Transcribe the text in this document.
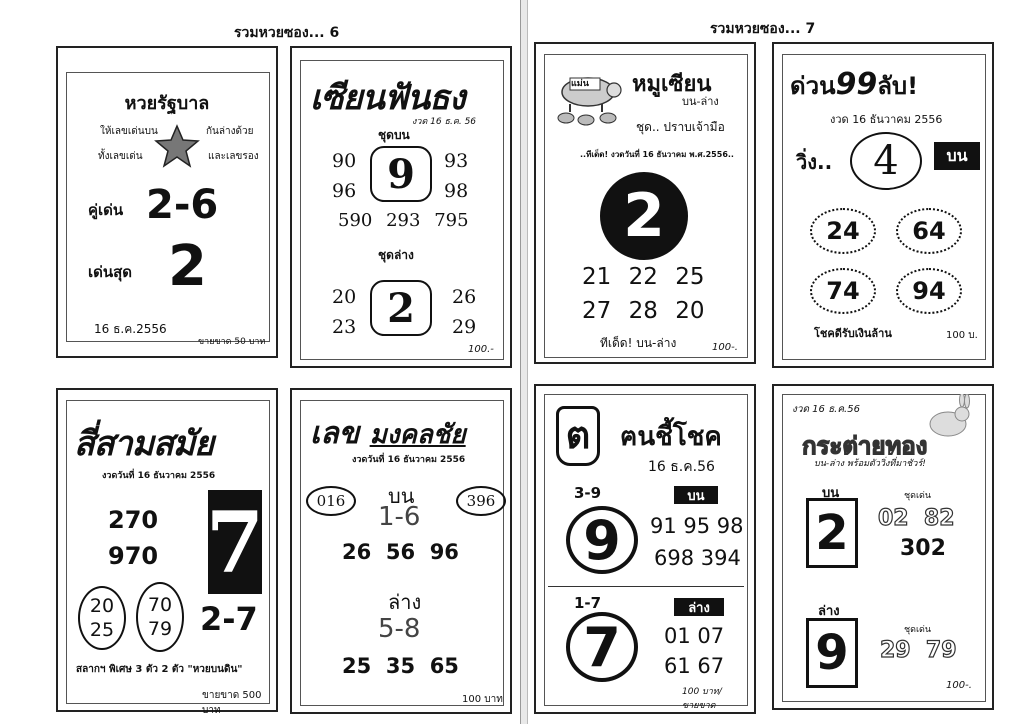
รวมหวยซอง... 6	รวมหวยซอง... 7
หวยรัฐบาล
ให้เลขเด่นบน	กันล่างด้วย
ทั้งเลขเด่น	และเลขรอง
คู่เด่น 2-6
เด่นสุด 2
16 ธ.ค.2556
ขายขาด 50 บาท
เซียนฟันธง
งวด 16 ธ.ค. 56
ชุดบน
90
96 9	93
98
590 293 795
ชุดล่าง
20
23 2	26
29
100.-
แม่น หมูเซียน
บน-ล่าง
ชุด.. ปราบเจ้ามือ
..ทีเด็ด! งวดวันที่ 16 ธันวาคม พ.ศ.2556..
2
21 22 25
27 28 20
ทีเด็ด! บน-ล่าง	100-.
ด่วน99ลับ!
งวด 16 ธันวาคม 2556
วิ่ง..	4	บน
24	64
74	94
โชคดีรับเงินล้าน	100 บ.
สี่สามสมัย
งวดวันที่ 16 ธันวาคม 2556
270
970 7
20
25
70
79 2-7
สลากฯ พิเศษ 3 ตัว 2 ตัว "หวยบนดิน"
ขายขาด 500 บาท
เลข มงคลชัย
งวดวันที่ 16 ธันวาคม 2556
016	396
บน
1-6
26  56  96
ล่าง
5-8
25  35  65
100 บาท
ต	ฅนชี้โชค
16 ธ.ค.56
3-9	บน
9	91 95 98
698 394
1-7	ล่าง
7	01 07
61 67
100 บาท/ขายขาด
งวด 16 ธ.ค.56
กระต่ายทอง
บน-ล่าง พร้อมตัววิ่งที่มาชัวร์!
บน
2
ชุดเด่น
02  82
302
ล่าง
9	ชุดเด่น
29  79
100-.
